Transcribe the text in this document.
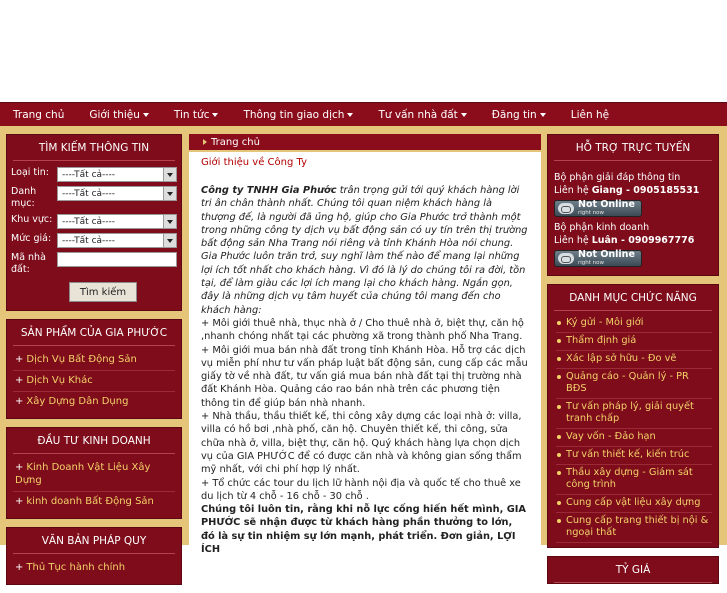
Trang chủ Giới thiệu	Tin tức	Thông tin giao dịch	Tư vấn nhà đất	Đăng tin	Liên hệ
TÌM KIẾM THÔNG TIN
Loại tin:	----Tất cả----
Danh mục:
----Tất cả----
Khu vực:	----Tất cả----
Mức giá:	----Tất cả----
Mã nhà đất:
Tìm kiếm
SẢN PHẨM CỦA GIA PHƯỚC
+ Dịch Vụ Bất Động Sản
+ Dịch Vụ Khác
+ Xây Dựng Dân Dụng
ĐẦU TƯ KINH DOANH
+ Kinh Doanh Vật Liệu Xây Dựng
+ kinh doanh Bất Động Sản
VĂN BẢN PHÁP QUY
+ Thủ Tục hành chính
Trang chủ
Giới thiệu về Công Ty
Công ty TNHH Gia Phước trân trọng gửi tới quý khách hàng lời tri ân chân thành nhất. Chúng tôi quan niệm khách hàng là thượng đế, là người đã ủng hộ, giúp cho Gia Phước trở thành một trong những công ty dịch vụ bất động sản có uy tín trên thị trường bất động sản Nha Trang nói riêng và tỉnh Khánh Hòa nói chung. Gia Phước luôn trăn trở, suy nghĩ làm thế nào để mang lại những lợi ích tốt nhất cho khách hàng. Vì đó là lý do chúng tôi ra đời, tồn tại, để làm giàu các lợi ích mang lại cho khách hàng. Ngắn gọn, đây là những dịch vụ tâm huyết của chúng tôi mang đến cho khách hàng:
+ Môi giới thuê nhà, thục nhà ở / Cho thuê nhà ở, biệt thự, căn hộ ,nhanh chóng nhất tại các phường xã trong thành phố Nha Trang.
+ Môi giới mua bán nhà đất trong tỉnh Khánh Hòa. Hỗ trợ các dịch vụ miễn phí như tư vấn pháp luật bất động sản, cung cấp các mẫu giấy tờ về nhà đất, tư vấn giá mua bán nhà đất tại thị trường nhà đất Khánh Hòa. Quảng cáo rao bán nhà trên các phương tiện thông tin để giúp bán nhà nhanh.
+ Nhà thầu, thầu thiết kế, thi công xây dựng các loại nhà ở: villa, villa có hồ bơi ,nhà phố, căn hộ. Chuyên thiết kế, thi công, sửa chữa nhà ở, villa, biệt thự, căn hộ. Quý khách hàng lựa chọn dịch vụ của GIA PHƯỚC để có được căn nhà và không gian sống thẩm mỹ nhất, với chi phí hợp lý nhất.
+ Tổ chức các tour du lịch lữ hành nội địa và quốc tế cho thuê xe du lịch từ 4 chỗ - 16 chỗ - 30 chỗ .
Chúng tôi luôn tin, rằng khi nỗ lực cống hiến hết mình, GIA PHƯỚC sẽ nhận được từ khách hàng phần thưởng to lớn, đó là sự tin nhiệm sự lớn mạnh, phát triển. Đơn giản, LỢI ÍCH
HỖ TRỢ TRỰC TUYẾN
Bộ phận giải đáp thông tin
Liên hệ Giang - 0905185531
Not Online
right now
Bộ phận kinh doanh
Liên hệ Luân - 0909967776
Not Online
right now
DANH MỤC CHỨC NĂNG
Ký gửi - Môi giới
Thẩm định giá
Xác lập sở hữu - Đo vẽ
Quảng cáo - Quản lý - PR BĐS
Tư vấn pháp lý, giải quyết tranh chấp
Vay vốn - Đảo hạn
Tư vấn thiết kế, kiến trúc
Thầu xây dựng - Giám sát công trình
Cung cấp vật liệu xây dựng
Cung cấp trang thiết bị nội & ngoại thất
TỶ GIÁ
